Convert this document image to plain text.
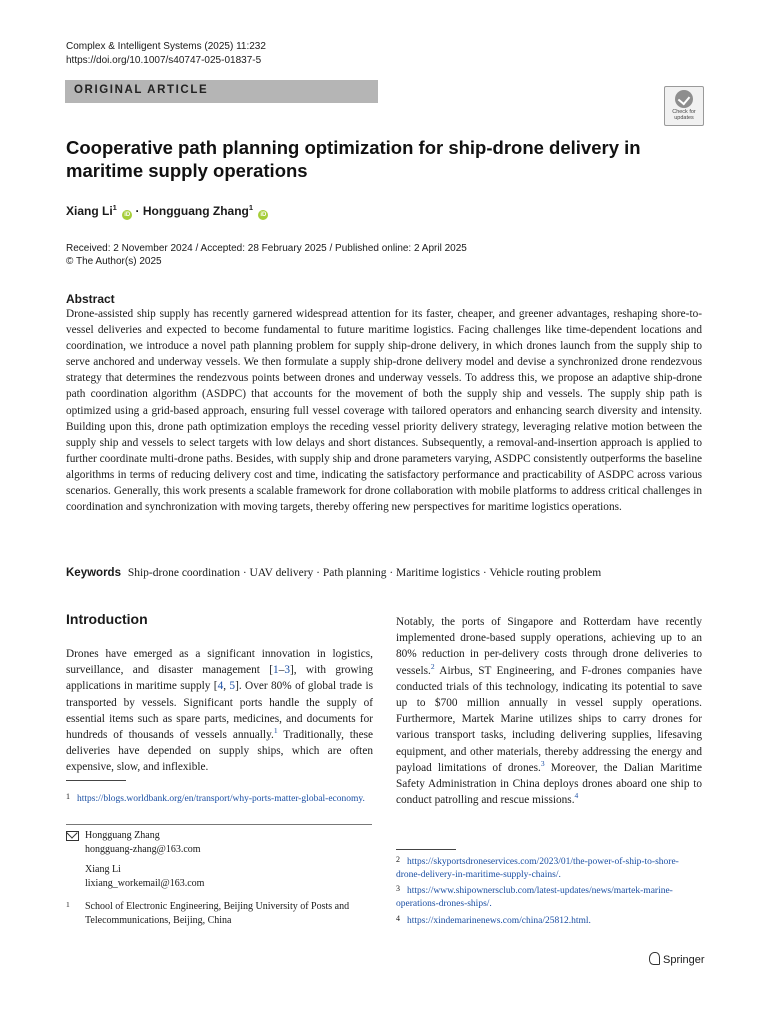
Complex & Intelligent Systems (2025) 11:232
https://doi.org/10.1007/s40747-025-01837-5
ORIGINAL ARTICLE
Check for updates
Cooperative path planning optimization for ship-drone delivery in maritime supply operations
Xiang Li$^1$ iD · Hongguang Zhang$^1$ iD
Received: 2 November 2024 / Accepted: 28 February 2025 / Published online: 2 April 2025
© The Author(s) 2025
Abstract
Drone-assisted ship supply has recently garnered widespread attention for its faster, cheaper, and greener advantages, reshaping shore-to-vessel deliveries and expected to become fundamental to future maritime logistics. Facing challenges like time-dependent locations and coordination, we introduce a novel path planning problem for supply ship-drone delivery, in which drones launch from the supply ship to serve anchored and underway vessels. We then formulate a supply ship-drone delivery model and devise a synchronized drone rendezvous strategy that determines the rendezvous points between drones and underway vessels. To address this, we propose an adaptive ship-drone path coordination algorithm (ASDPC) that accounts for the movement of both the supply ship and vessels. The supply ship path is optimized using a grid-based approach, ensuring full vessel coverage with tailored operators and enhancing search diversity and intensity. Building upon this, drone path optimization employs the receding vessel priority delivery strategy, leveraging relative motion between the supply ship and vessels to select targets with low delays and short distances. Subsequently, a removal-and-insertion approach is applied to further coordinate multi-drone paths. Besides, with supply ship and drone parameters varying, ASDPC consistently outperforms the baseline algorithms in terms of reducing delivery cost and time, indicating the satisfactory performance and practicability of ASDPC across various scenarios. Generally, this work presents a scalable framework for drone collaboration with mobile platforms to address critical challenges in coordination and synchronization with moving targets, thereby offering new perspectives for maritime logistics operations.
Keywords Ship-drone coordination · UAV delivery · Path planning · Maritime logistics · Vehicle routing problem
Introduction
Drones have emerged as a significant innovation in logistics, surveillance, and disaster management [1–3], with growing applications in maritime supply [4, 5]. Over 80% of global trade is transported by vessels. Significant ports handle the supply of essential items such as spare parts, medicines, and documents for hundreds of thousands of vessels annually.$^1$ Traditionally, these deliveries have depended on supply ships, which are often expensive, slow, and inflexible.
Notably, the ports of Singapore and Rotterdam have recently implemented drone-based supply operations, achieving up to an 80% reduction in per-delivery costs through drone deliveries to vessels.$^2$ Airbus, ST Engineering, and F-drones companies have conducted trials of this technology, indicating its potential to save up to $700 million annually in vessel supply operations. Furthermore, Martek Marine utilizes ships to carry drones for various transport tasks, including delivering supplies, lifesaving equipment, and other materials, thereby addressing the energy and payload limitations of drones.$^3$ Moreover, the Dalian Maritime Safety Administration in China deploys drones aboard one ship to conduct patrolling and rescue missions.$^4$
1 https://blogs.worldbank.org/en/transport/why-ports-matter-global-economy.
Hongguang Zhang
hongguang-zhang@163.com
Xiang Li
lixiang_workemail@163.com
1 School of Electronic Engineering, Beijing University of Posts and Telecommunications, Beijing, China
2 https://skyportsdroneservices.com/2023/01/the-power-of-ship-to-shore-drone-delivery-in-maritime-supply-chains/.
3 https://www.shipownersclub.com/latest-updates/news/martek-marine-operations-drones-ships/.
4 https://xindemarinenews.com/china/25812.html.
Springer
